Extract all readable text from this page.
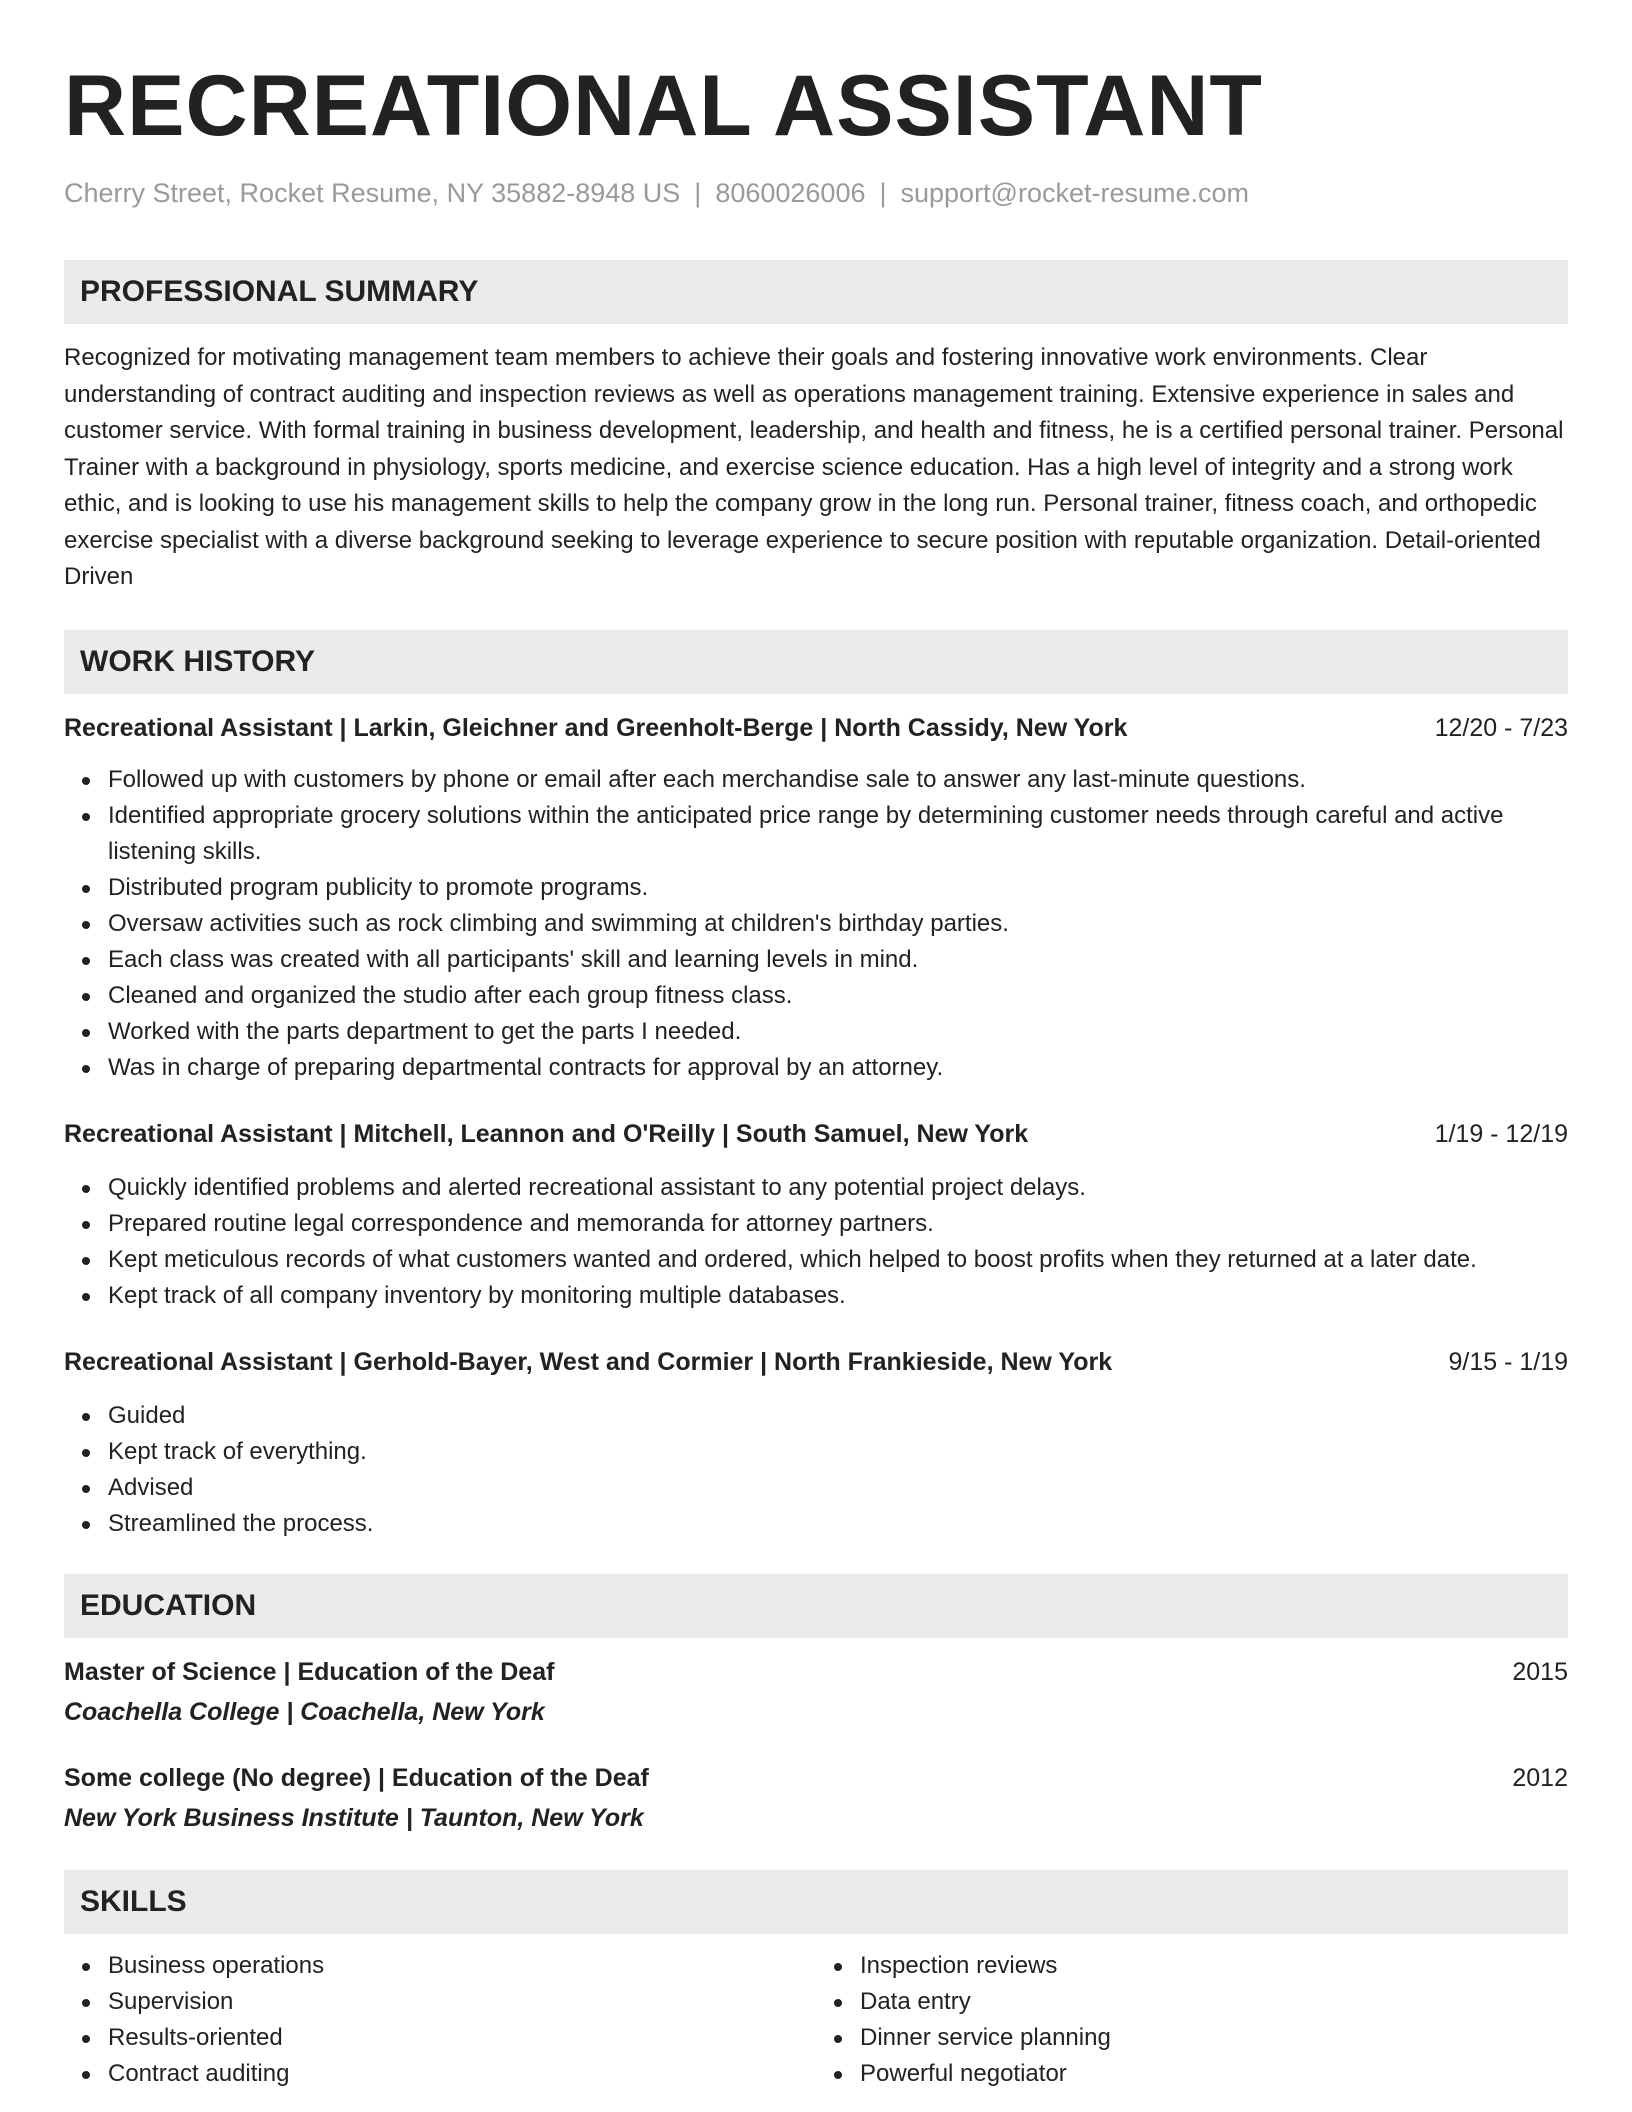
RECREATIONAL ASSISTANT
Cherry Street, Rocket Resume, NY 35882-8948 US | 8060026006 | support@rocket-resume.com
PROFESSIONAL SUMMARY

Recognized for motivating management team members to achieve their goals and fostering innovative work environments. Clear understanding of contract auditing and inspection reviews as well as operations management training. Extensive experience in sales and customer service. With formal training in business development, leadership, and health and fitness, he is a certified personal trainer. Personal Trainer with a background in physiology, sports medicine, and exercise science education. Has a high level of integrity and a strong work ethic, and is looking to use his management skills to help the company grow in the long run. Personal trainer, fitness coach, and orthopedic exercise specialist with a diverse background seeking to leverage experience to secure position with reputable organization. Detail-oriented Driven

WORK HISTORY
Recreational Assistant | Larkin, Gleichner and Greenholt-Berge | North Cassidy, New York	12/20 - 7/23
Followed up with customers by phone or email after each merchandise sale to answer any last-minute questions.
Identified appropriate grocery solutions within the anticipated price range by determining customer needs through careful and active listening skills.
Distributed program publicity to promote programs.
Oversaw activities such as rock climbing and swimming at children's birthday parties.
Each class was created with all participants' skill and learning levels in mind.
Cleaned and organized the studio after each group fitness class.
Worked with the parts department to get the parts I needed.
Was in charge of preparing departmental contracts for approval by an attorney.
Recreational Assistant | Mitchell, Leannon and O'Reilly | South Samuel, New York	1/19 - 12/19
Quickly identified problems and alerted recreational assistant to any potential project delays.
Prepared routine legal correspondence and memoranda for attorney partners.
Kept meticulous records of what customers wanted and ordered, which helped to boost profits when they returned at a later date.
Kept track of all company inventory by monitoring multiple databases.
Recreational Assistant | Gerhold-Bayer, West and Cormier | North Frankieside, New York	9/15 - 1/19
Guided
Kept track of everything.
Advised
Streamlined the process.
EDUCATION
Master of Science | Education of the Deaf	2015
Coachella College | Coachella, New York
Some college (No degree) | Education of the Deaf	2012
New York Business Institute | Taunton, New York
SKILLS
Business operations
Supervision
Results-oriented
Contract auditing
Inspection reviews
Data entry
Dinner service planning
Powerful negotiator
